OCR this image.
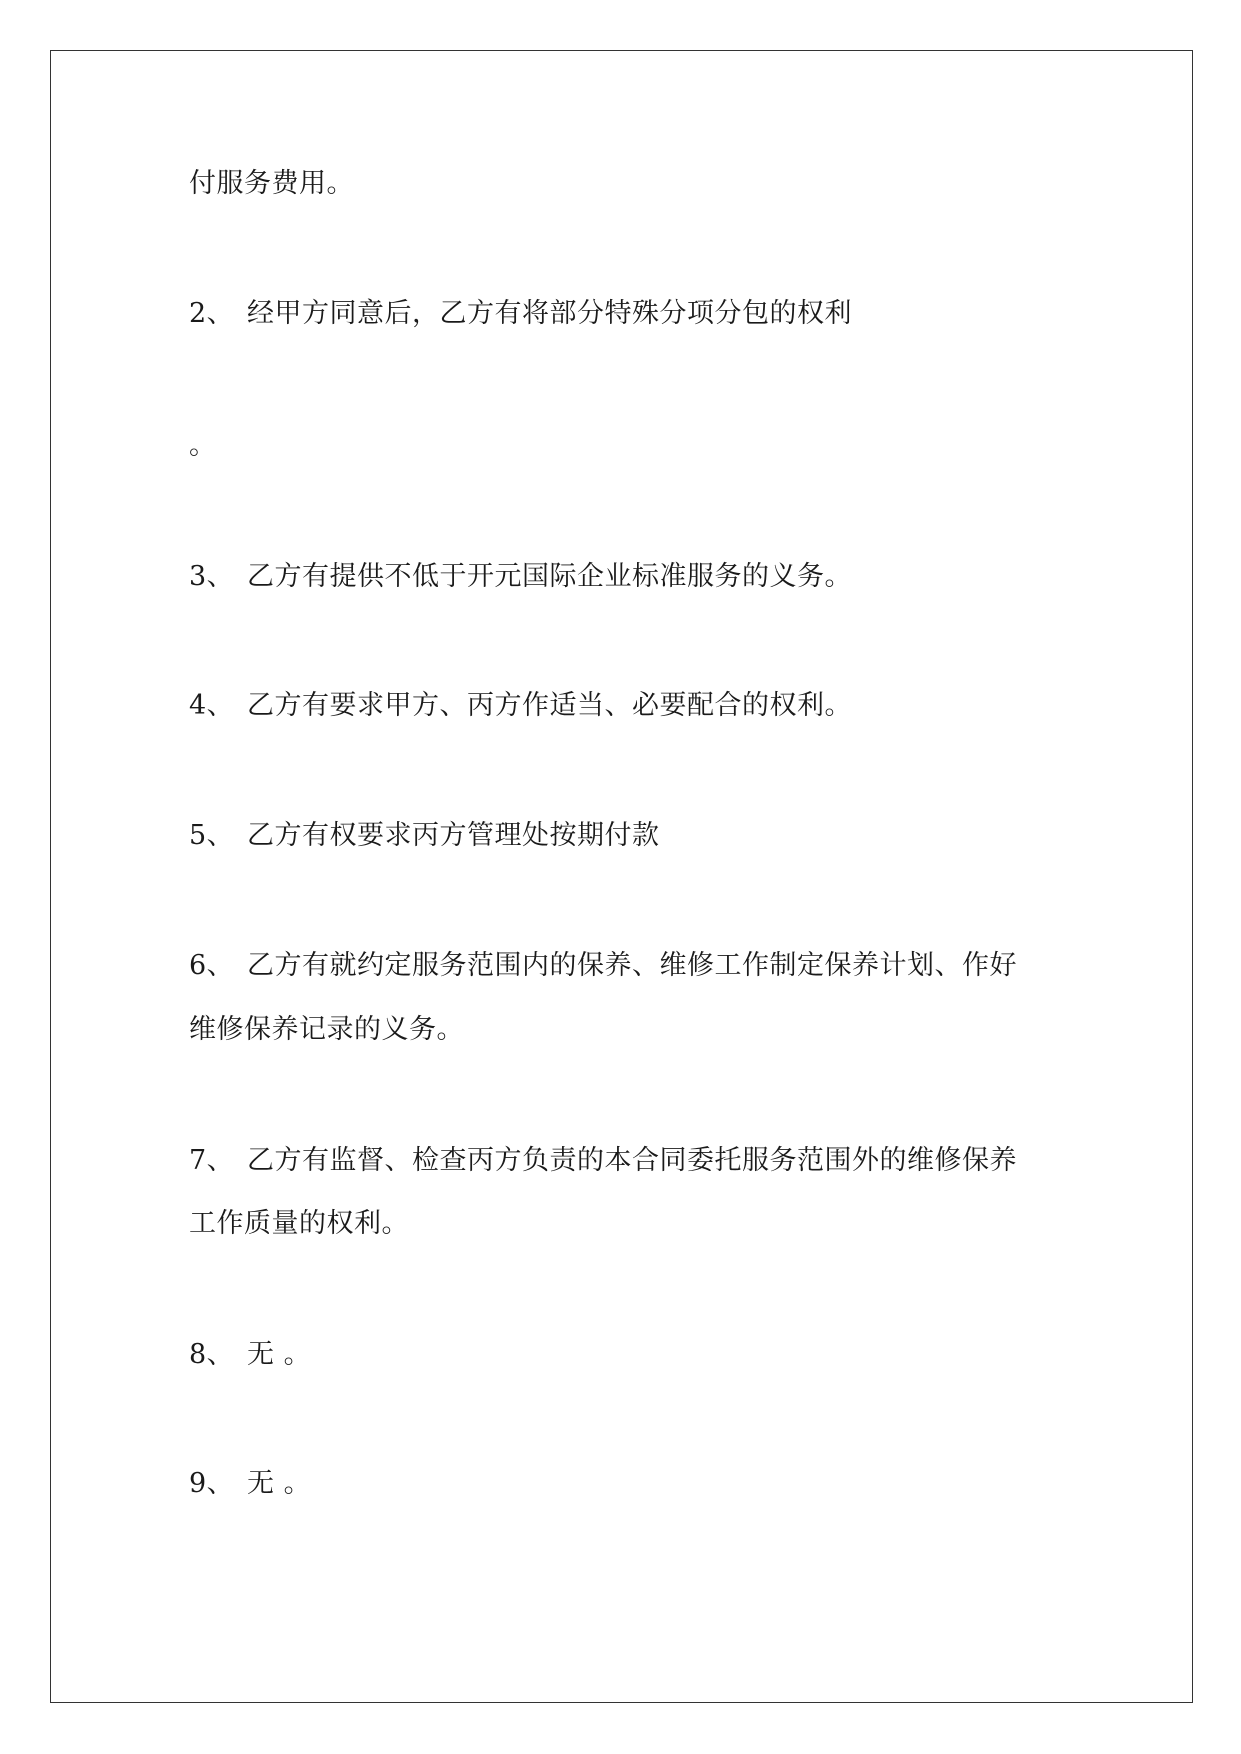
付服务费用。
2、 经甲方同意后，乙方有将部分特殊分项分包的权利
。
3、 乙方有提供不低于开元国际企业标准服务的义务。
4、 乙方有要求甲方、丙方作适当、必要配合的权利。
5、 乙方有权要求丙方管理处按期付款
6、 乙方有就约定服务范围内的保养、维修工作制定保养计划、作好
维修保养记录的义务。
7、 乙方有监督、检查丙方负责的本合同委托服务范围外的维修保养
工作质量的权利。
8、 无 。
9、 无 。
